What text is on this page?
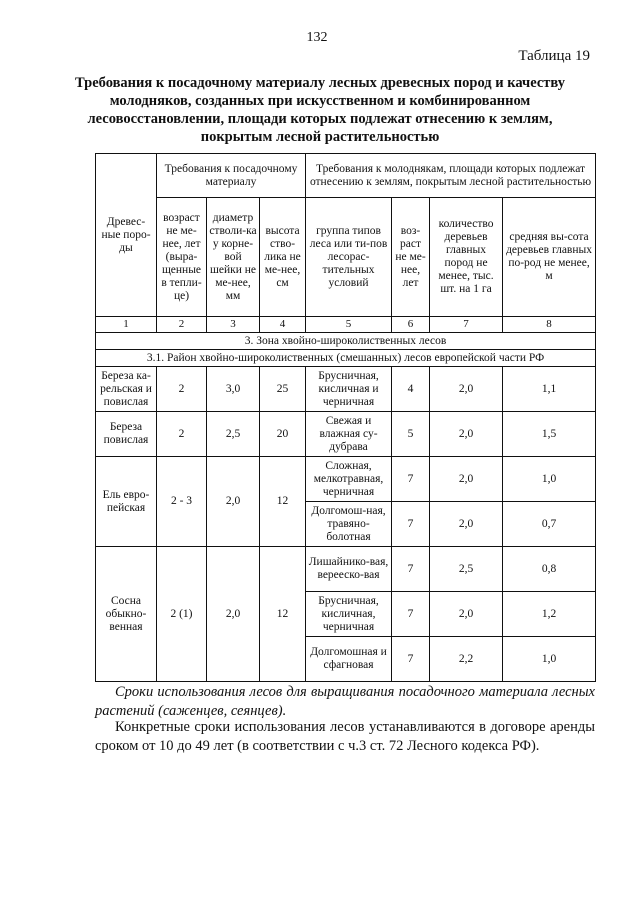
132
Таблица 19
Требования к посадочному материалу лесных древесных пород и качеству молодняков, созданных при искусственном и комбинированном лесовосстановлении, площади которых подлежат отнесению к землям, покрытым лесной растительностью
Древес-ные поро-ды	Требования к посадочному материалу			Требования к молоднякам, площади которых подлежат отнесению к землям, покрытым лесной растительностью			
	возраст не ме-нее, лет (выра-щенные в тепли-це)	диаметр стволи-ка у корне-вой шейки не ме-нее, мм	высота ство-лика не ме-нее, см	группа типов леса или ти-пов лесорас-тительных условий	воз-раст не ме-нее, лет	количество деревьев главных пород не менее, тыс. шт. на 1 га	средняя вы-сота деревьев главных по-род не менее, м
1	2	3	4	5	6	7	8
3. Зона хвойно-широколиственных лесов							
3.1. Район хвойно-широколиственных (смешанных) лесов европейской части РФ							
Береза ка-рельская и повислая	2	3,0	25	Брусничная, кисличная и черничная	4	2,0	1,1
Береза повислая	2	2,5	20	Свежая и влажная су-дубрава	5	2,0	1,5
Ель евро-пейская	2 - 3	2,0	12	Сложная, мелкотравная, черничная	7	2,0	1,0
				Долгомош-ная, травяно-болотная	7	2,0	0,7
Сосна обыкно-венная	2 (1)	2,0	12	Лишайнико-вая, верееско-вая	7	2,5	0,8
				Брусничная, кисличная, черничная	7	2,0	1,2
				Долгомошная и сфагновая	7	2,2	1,0
Сроки использования лесов для выращивания посадочного материала лесных растений (саженцев, сеянцев).
Конкретные сроки использования лесов устанавливаются в договоре аренды сроком от 10 до 49 лет (в соответствии с ч.3 ст. 72 Лесного кодекса РФ).
